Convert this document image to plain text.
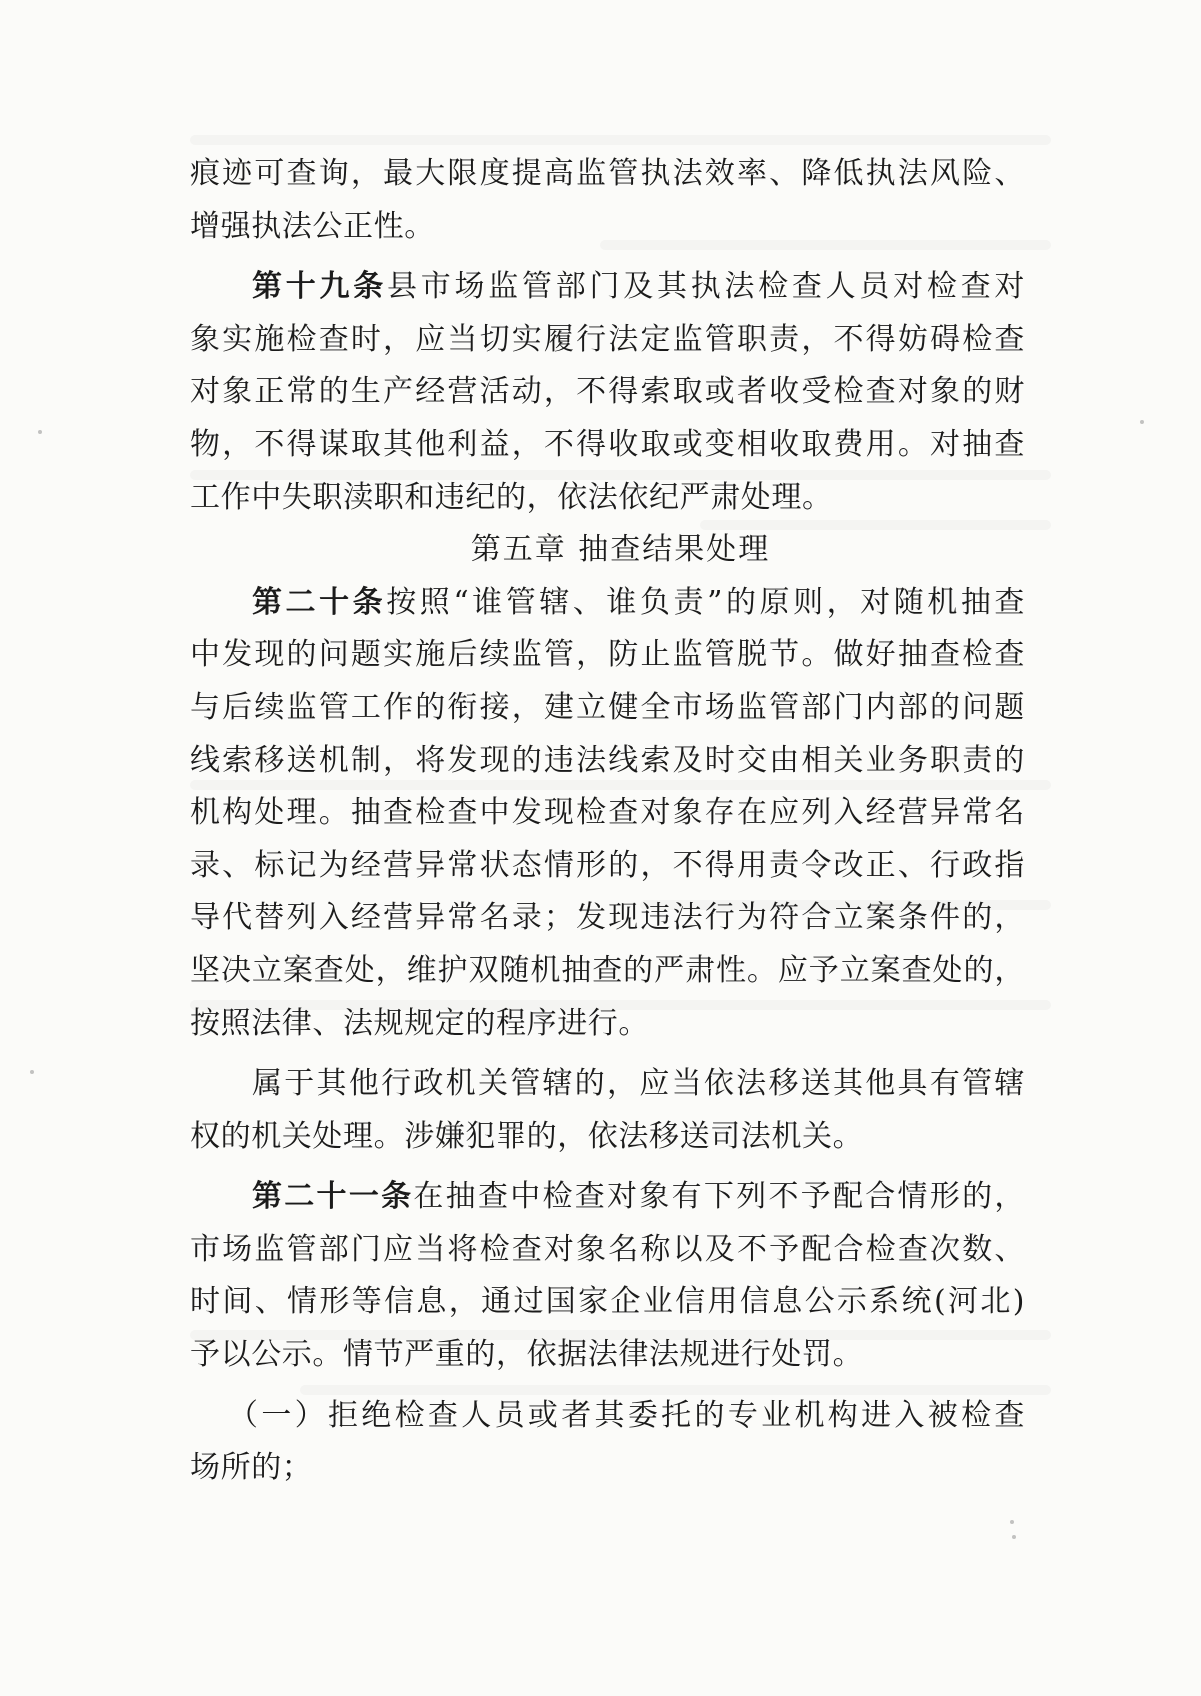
痕迹可查询，最大限度提高监管执法效率、降低执法风险、
增强执法公正性。
第十九条县市场监管部门及其执法检查人员对检查对
象实施检查时，应当切实履行法定监管职责，不得妨碍检查
对象正常的生产经营活动，不得索取或者收受检查对象的财
物，不得谋取其他利益，不得收取或变相收取费用。对抽查
工作中失职渎职和违纪的，依法依纪严肃处理。
第五章 抽查结果处理
第二十条按照“谁管辖、谁负责”的原则，对随机抽查
中发现的问题实施后续监管，防止监管脱节。做好抽查检查
与后续监管工作的衔接，建立健全市场监管部门内部的问题
线索移送机制，将发现的违法线索及时交由相关业务职责的
机构处理。抽查检查中发现检查对象存在应列入经营异常名
录、标记为经营异常状态情形的，不得用责令改正、行政指
导代替列入经营异常名录；发现违法行为符合立案条件的，
坚决立案查处，维护双随机抽查的严肃性。应予立案查处的，
按照法律、法规规定的程序进行。
属于其他行政机关管辖的，应当依法移送其他具有管辖
权的机关处理。涉嫌犯罪的，依法移送司法机关。
第二十一条在抽查中检查对象有下列不予配合情形的，
市场监管部门应当将检查对象名称以及不予配合检查次数、
时间、情形等信息，通过国家企业信用信息公示系统(河北)
予以公示。情节严重的，依据法律法规进行处罚。
（一）拒绝检查人员或者其委托的专业机构进入被检查
场所的；
